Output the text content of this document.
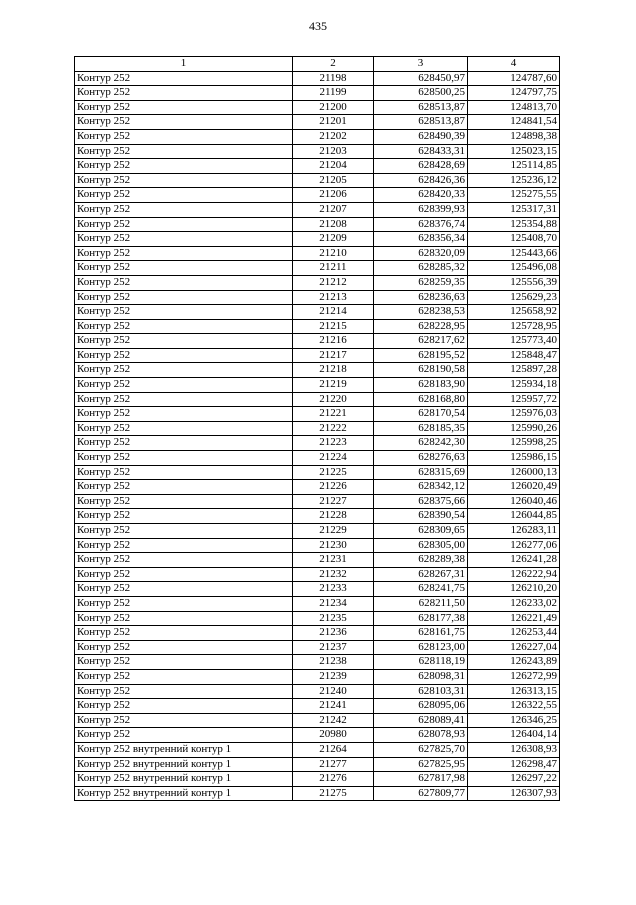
435
1	2	3	4
Контур 252	21198	628450,97	124787,60
Контур 252	21199	628500,25	124797,75
Контур 252	21200	628513,87	124813,70
Контур 252	21201	628513,87	124841,54
Контур 252	21202	628490,39	124898,38
Контур 252	21203	628433,31	125023,15
Контур 252	21204	628428,69	125114,85
Контур 252	21205	628426,36	125236,12
Контур 252	21206	628420,33	125275,55
Контур 252	21207	628399,93	125317,31
Контур 252	21208	628376,74	125354,88
Контур 252	21209	628356,34	125408,70
Контур 252	21210	628320,09	125443,66
Контур 252	21211	628285,32	125496,08
Контур 252	21212	628259,35	125556,39
Контур 252	21213	628236,63	125629,23
Контур 252	21214	628238,53	125658,92
Контур 252	21215	628228,95	125728,95
Контур 252	21216	628217,62	125773,40
Контур 252	21217	628195,52	125848,47
Контур 252	21218	628190,58	125897,28
Контур 252	21219	628183,90	125934,18
Контур 252	21220	628168,80	125957,72
Контур 252	21221	628170,54	125976,03
Контур 252	21222	628185,35	125990,26
Контур 252	21223	628242,30	125998,25
Контур 252	21224	628276,63	125986,15
Контур 252	21225	628315,69	126000,13
Контур 252	21226	628342,12	126020,49
Контур 252	21227	628375,66	126040,46
Контур 252	21228	628390,54	126044,85
Контур 252	21229	628309,65	126283,11
Контур 252	21230	628305,00	126277,06
Контур 252	21231	628289,38	126241,28
Контур 252	21232	628267,31	126222,94
Контур 252	21233	628241,75	126210,20
Контур 252	21234	628211,50	126233,02
Контур 252	21235	628177,38	126221,49
Контур 252	21236	628161,75	126253,44
Контур 252	21237	628123,00	126227,04
Контур 252	21238	628118,19	126243,89
Контур 252	21239	628098,31	126272,99
Контур 252	21240	628103,31	126313,15
Контур 252	21241	628095,06	126322,55
Контур 252	21242	628089,41	126346,25
Контур 252	20980	628078,93	126404,14
Контур 252 внутренний контур 1	21264	627825,70	126308,93
Контур 252 внутренний контур 1	21277	627825,95	126298,47
Контур 252 внутренний контур 1	21276	627817,98	126297,22
Контур 252 внутренний контур 1	21275	627809,77	126307,93
